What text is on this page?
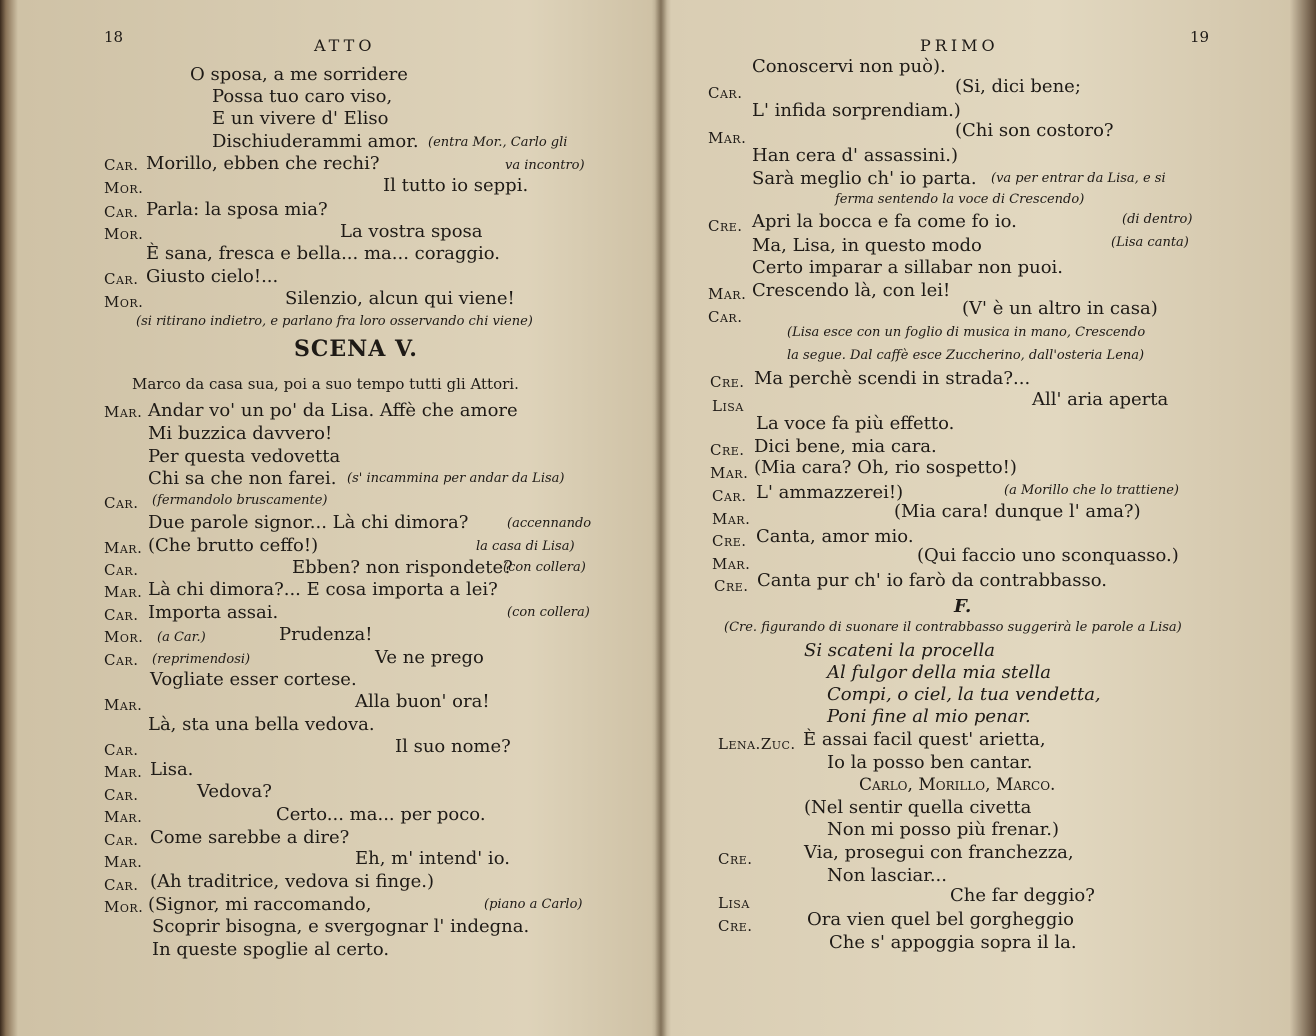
18	ATTO
SCENA V.
O sposa, a me sorridere
Possa tuo caro viso,
E un vivere d' Eliso
Dischiuderammi amor. (entra Mor., Carlo gli
Car. Morillo, ebben che rechi?	va incontro)
Mor.	Il tutto io seppi.
Car. Parla: la sposa mia?
Mor.	La vostra sposa
È sana, fresca e bella... ma... coraggio.
Car. Giusto cielo!...
Mor.	Silenzio, alcun qui viene!
(si ritirano indietro, e parlano fra loro osservando chi viene)
Marco da casa sua, poi a suo tempo tutti gli Attori.
Mar. Andar vo' un po' da Lisa. Affè che amore
Mi buzzica davvero!
Per questa vedovetta
Chi sa che non farei. (s' incammina per andar da Lisa)
Car. (fermandolo bruscamente)
Due parole signor... Là chi dimora?	(accennando
Mar. (Che brutto ceffo!)	la casa di Lisa)
Car.	Ebben? non rispondete?
(con collera)
Mar. Là chi dimora?... E cosa importa a lei?
Car. Importa assai.	(con collera)
Mor. (a Car.)	Prudenza!
Car. (reprimendosi)	Ve ne prego
Vogliate esser cortese.
Mar.	Alla buon' ora!
Là, sta una bella vedova.
Car.	Il suo nome?
Mar. Lisa.
Car.	Vedova?
Mar.	Certo... ma... per poco.
Car. Come sarebbe a dire?
Mar.	Eh, m' intend' io.
Car. (Ah traditrice, vedova si finge.)
Mor. (Signor, mi raccomando,	(piano a Carlo)
Scoprir bisogna, e svergognar l' indegna.
In queste spoglie al certo.
PRIMO	19
F.
Conoscervi non può).
Car.	(Si, dici bene;
L' infida sorprendiam.)
Mar.	(Chi son costoro?
Han cera d' assassini.)
Sarà meglio ch' io parta. (va per entrar da Lisa, e si
ferma sentendo la voce di Crescendo)
Cre. Apri la bocca e fa come fo io.	(di dentro)
Ma, Lisa, in questo modo	(Lisa canta)
Certo imparar a sillabar non puoi.
Mar. Crescendo là, con lei!
Car.	(V' è un altro in casa)
(Lisa esce con un foglio di musica in mano, Crescendo
la segue. Dal caffè esce Zuccherino, dall'osteria Lena)
Cre. Ma perchè scendi in strada?...
Lisa	All' aria aperta
La voce fa più effetto.
Cre. Dici bene, mia cara.
Mar. (Mia cara? Oh, rio sospetto!)
Car. L' ammazzerei!)	(a Morillo che lo trattiene)
Mar.	(Mia cara! dunque l' ama?)
Cre. Canta, amor mio.
Mar.	(Qui faccio uno sconquasso.)
Cre. Canta pur ch' io farò da contrabbasso.
(Cre. figurando di suonare il contrabbasso suggerirà le parole a Lisa)
Si scateni la procella
Al fulgor della mia stella
Compi, o ciel, la tua vendetta,
Poni fine al mio penar.
Lena.Zuc. È assai facil quest' arietta,
Io la posso ben cantar.
Carlo, Morillo, Marco.
(Nel sentir quella civetta
Non mi posso più frenar.)
Cre.	Via, prosegui con franchezza,
Non lasciar...
Lisa	Che far deggio?
Cre.	Ora vien quel bel gorgheggio
Che s' appoggia sopra il la.
